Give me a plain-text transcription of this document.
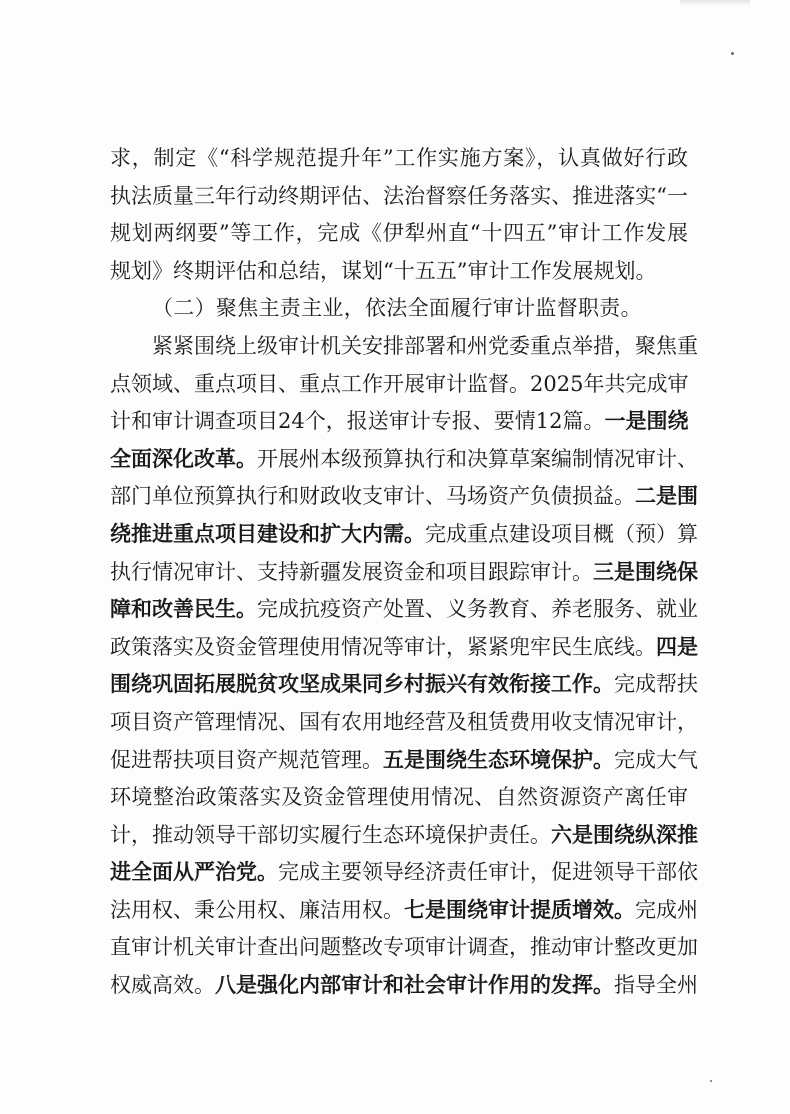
求，制定《“科学规范提升年”工作实施方案》，认真做好行政
执法质量三年行动终期评估、法治督察任务落实、推进落实“一
规划两纲要”等工作，完成《伊犁州直“十四五”审计工作发展
规划》终期评估和总结，谋划“十五五”审计工作发展规划。
（二）聚焦主责主业，依法全面履行审计监督职责。
紧紧围绕上级审计机关安排部署和州党委重点举措，聚焦重
点领域、重点项目、重点工作开展审计监督。2025年共完成审
计和审计调查项目24个，报送审计专报、要情12篇。一是围绕
全面深化改革。开展州本级预算执行和决算草案编制情况审计、
部门单位预算执行和财政收支审计、马场资产负债损益。二是围
绕推进重点项目建设和扩大内需。完成重点建设项目概（预）算
执行情况审计、支持新疆发展资金和项目跟踪审计。三是围绕保
障和改善民生。完成抗疫资产处置、义务教育、养老服务、就业
政策落实及资金管理使用情况等审计，紧紧兜牢民生底线。四是
围绕巩固拓展脱贫攻坚成果同乡村振兴有效衔接工作。完成帮扶
项目资产管理情况、国有农用地经营及租赁费用收支情况审计，
促进帮扶项目资产规范管理。五是围绕生态环境保护。完成大气
环境整治政策落实及资金管理使用情况、自然资源资产离任审
计，推动领导干部切实履行生态环境保护责任。六是围绕纵深推
进全面从严治党。完成主要领导经济责任审计，促进领导干部依
法用权、秉公用权、廉洁用权。七是围绕审计提质增效。完成州
直审计机关审计查出问题整改专项审计调查，推动审计整改更加
权威高效。八是强化内部审计和社会审计作用的发挥。指导全州
